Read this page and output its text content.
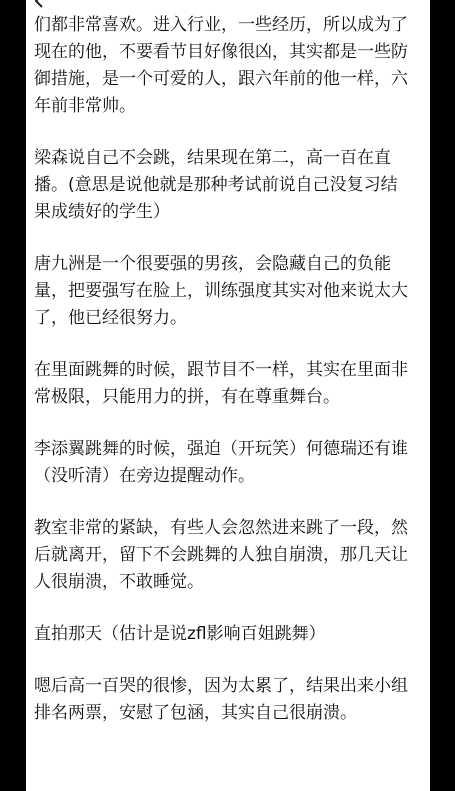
们都非常喜欢。进入行业，一些经历，所以成为了现在的他，不要看节目好像很凶，其实都是一些防御措施，是一个可爱的人，跟六年前的他一样，六年前非常帅。

梁森说自己不会跳，结果现在第二，高一百在直播。(意思是说他就是那种考试前说自己没复习结果成绩好的学生）

唐九洲是一个很要强的男孩，会隐藏自己的负能量，把要强写在脸上，训练强度其实对他来说太大了，他已经很努力。

在里面跳舞的时候，跟节目不一样，其实在里面非常极限，只能用力的拼，有在尊重舞台。

李添翼跳舞的时候，强迫（开玩笑）何德瑞还有谁（没听清）在旁边提醒动作。

教室非常的紧缺，有些人会忽然进来跳了一段，然后就离开，留下不会跳舞的人独自崩溃，那几天让人很崩溃，不敢睡觉。

直拍那天（估计是说zfl影响百姐跳舞）

嗯后高一百哭的很惨，因为太累了，结果出来小组排名两票，安慰了包涵，其实自己很崩溃。
